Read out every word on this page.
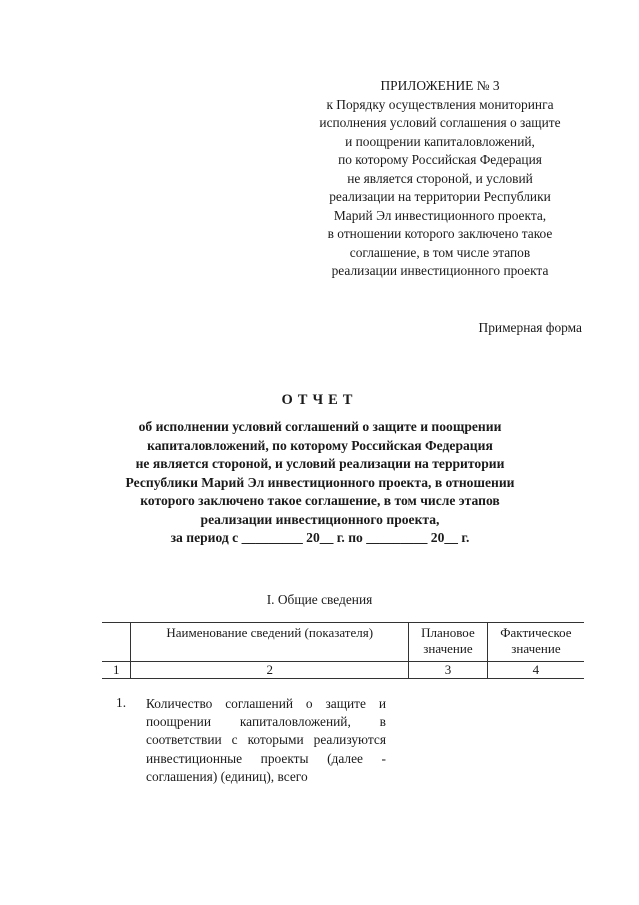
ПРИЛОЖЕНИЕ № 3
к Порядку осуществления мониторинга
исполнения условий соглашения о защите
и поощрении капиталовложений,
по которому Российская Федерация
не является стороной, и условий
реализации на территории Республики
Марий Эл инвестиционного проекта,
в отношении которого заключено такое
соглашение, в том числе этапов
реализации инвестиционного проекта
Примерная форма
ОТЧЕТ
об исполнении условий соглашений о защите и поощрении
капиталовложений, по которому Российская Федерация
не является стороной, и условий реализации на территории
Республики Марий Эл инвестиционного проекта, в отношении
которого заключено такое соглашение, в том числе этапов
реализации инвестиционного проекта,
за период с _________ 20__ г. по _________ 20__ г.
I. Общие сведения
	Наименование сведений (показателя)	Плановое значение	Фактическое значение
1	2	3	4
1. Количество соглашений о защите и поощрении капиталовложений, в соответствии с которыми реализуются инвестиционные проекты (далее - соглашения) (единиц), всего
